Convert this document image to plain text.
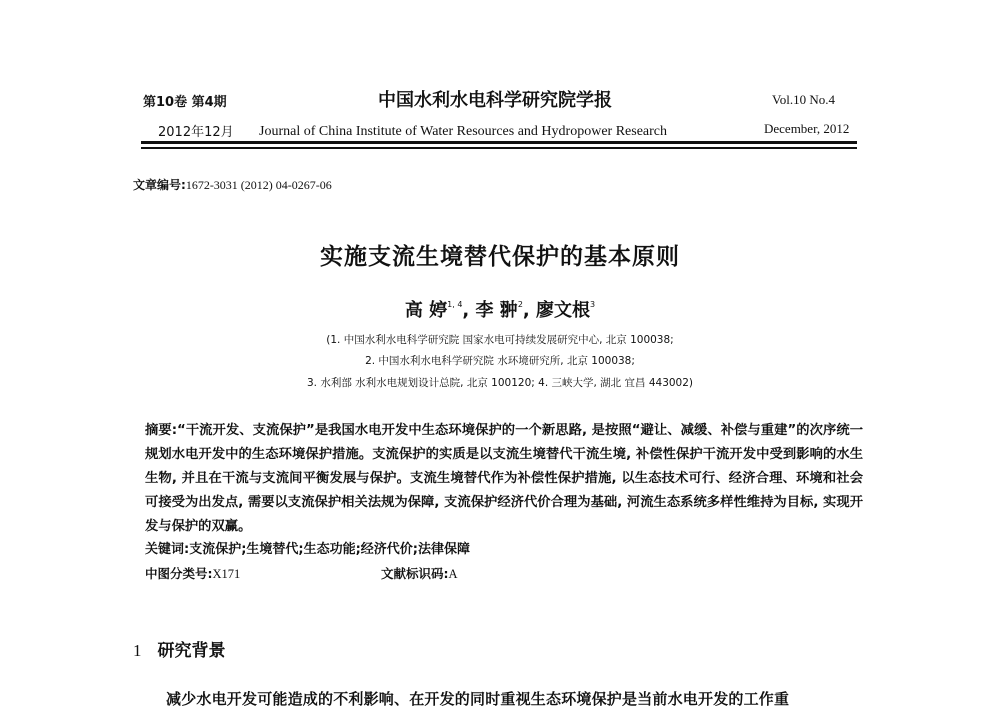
第10卷 第4期	中国水利水电科学研究院学报	Vol.10 No.4
2012年12月 Journal of China Institute of Water Resources and Hydropower Research	December, 2012
文章编号:1672-3031 (2012) 04-0267-06
实施支流生境替代保护的基本原则
高 婷$^{1, 4}$, 李 翀$^2$, 廖文根$^3$
(1. 中国水利水电科学研究院 国家水电可持续发展研究中心, 北京 100038;
2. 中国水利水电科学研究院 水环境研究所, 北京 100038;
3. 水利部 水利水电规划设计总院, 北京 100120; 4. 三峡大学, 湖北 宜昌 443002)
摘要:“干流开发、支流保护”是我国水电开发中生态环境保护的一个新思路, 是按照“避让、减缓、补偿与重建”的次序统一规划水电开发中的生态环境保护措施。支流保护的实质是以支流生境替代干流生境, 补偿性保护干流开发中受到影响的水生生物, 并且在干流与支流间平衡发展与保护。支流生境替代作为补偿性保护措施, 以生态技术可行、经济合理、环境和社会可接受为出发点, 需要以支流保护相关法规为保障, 支流保护经济代价合理为基础, 河流生态系统多样性维持为目标, 实现开发与保护的双赢。
关键词:支流保护;生境替代;生态功能;经济代价;法律保障
中图分类号:X171	文献标识码:A
1 研究背景
减少水电开发可能造成的不利影响、在开发的同时重视生态环境保护是当前水电开发的工作重
